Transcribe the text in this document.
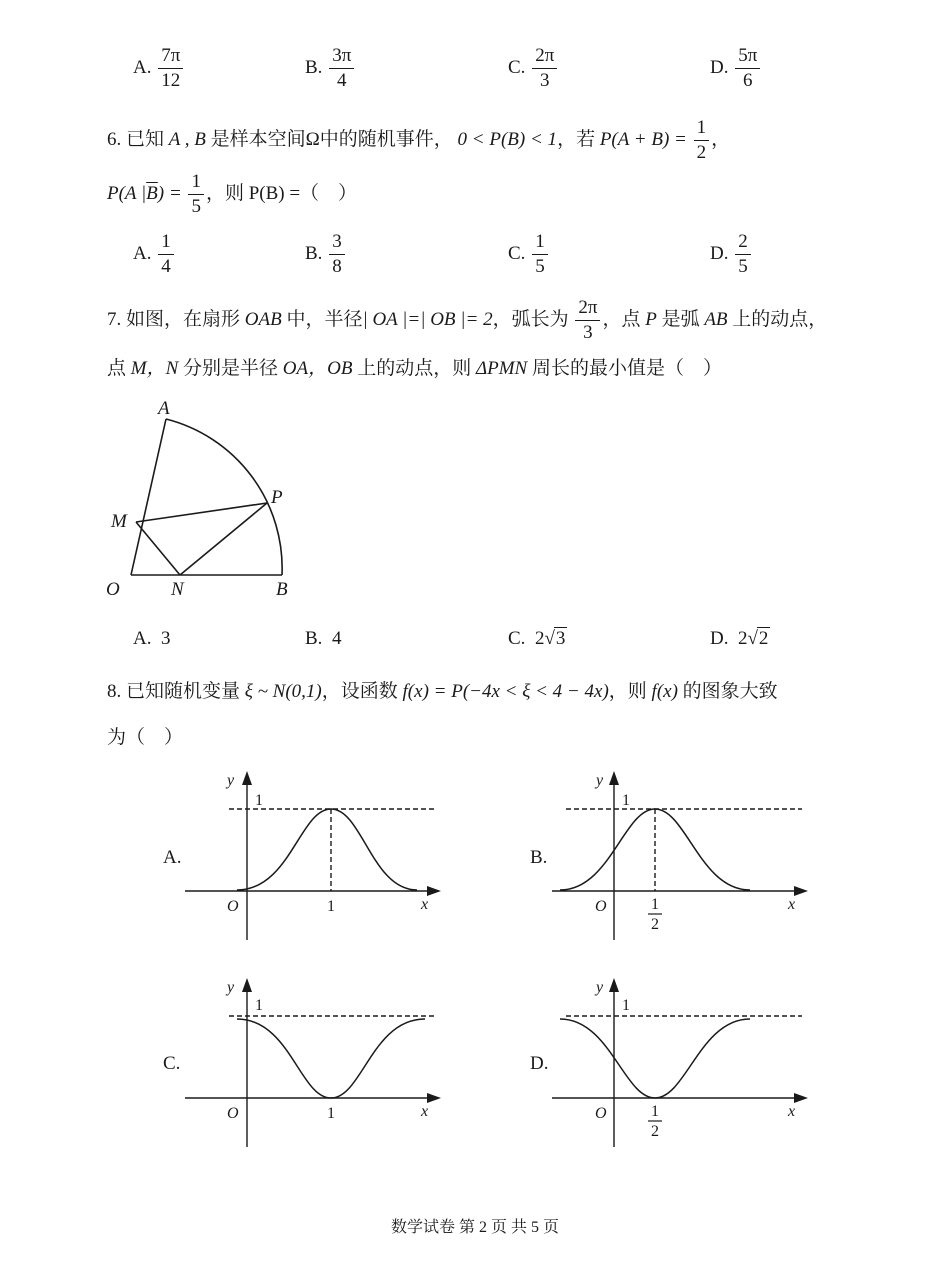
A. $\frac{7\pi}{12}$	B. $\frac{3\pi}{4}$	C. $\frac{2\pi}{3}$	D. $\frac{5\pi}{6}$
6. 已知 A , B 是样本空间Ω中的随机事件， 0 < P(B) < 1，若 $P(A + B) = \frac{1}{2}$ ，
P(A $|\overline{B}) = \frac{1}{5}$ ，则 P(B) =（　）
A. $\frac{1}{4}$	B. $\frac{3}{8}$	C. $\frac{1}{5}$	D. $\frac{2}{5}$
7. 如图，在扇形 OAB 中，半径| OA |=| OB |= 2，弧长为 $\frac{2\pi}{3}$ ，点 P 是弧 AB 上的动点，
点 M，N 分别是半径 OA，OB 上的动点，则 ΔPMN 周长的最小值是（　）
A
P
M
O	N	B
A. 3	B. 4	C. 2√3	D. 2√2
8. 已知随机变量 ξ ~ N(0,1)，设函数 f(x) = P(−4x < ξ < 4 − 4x)，则 f(x) 的图象大致
为（　）
A.	B.
C.	D.
y
1
O	x
1
y
1
O	x
1
2
y
1
O	x
1
y
1
O	x
1
2
数学试卷 第 2 页 共 5 页
